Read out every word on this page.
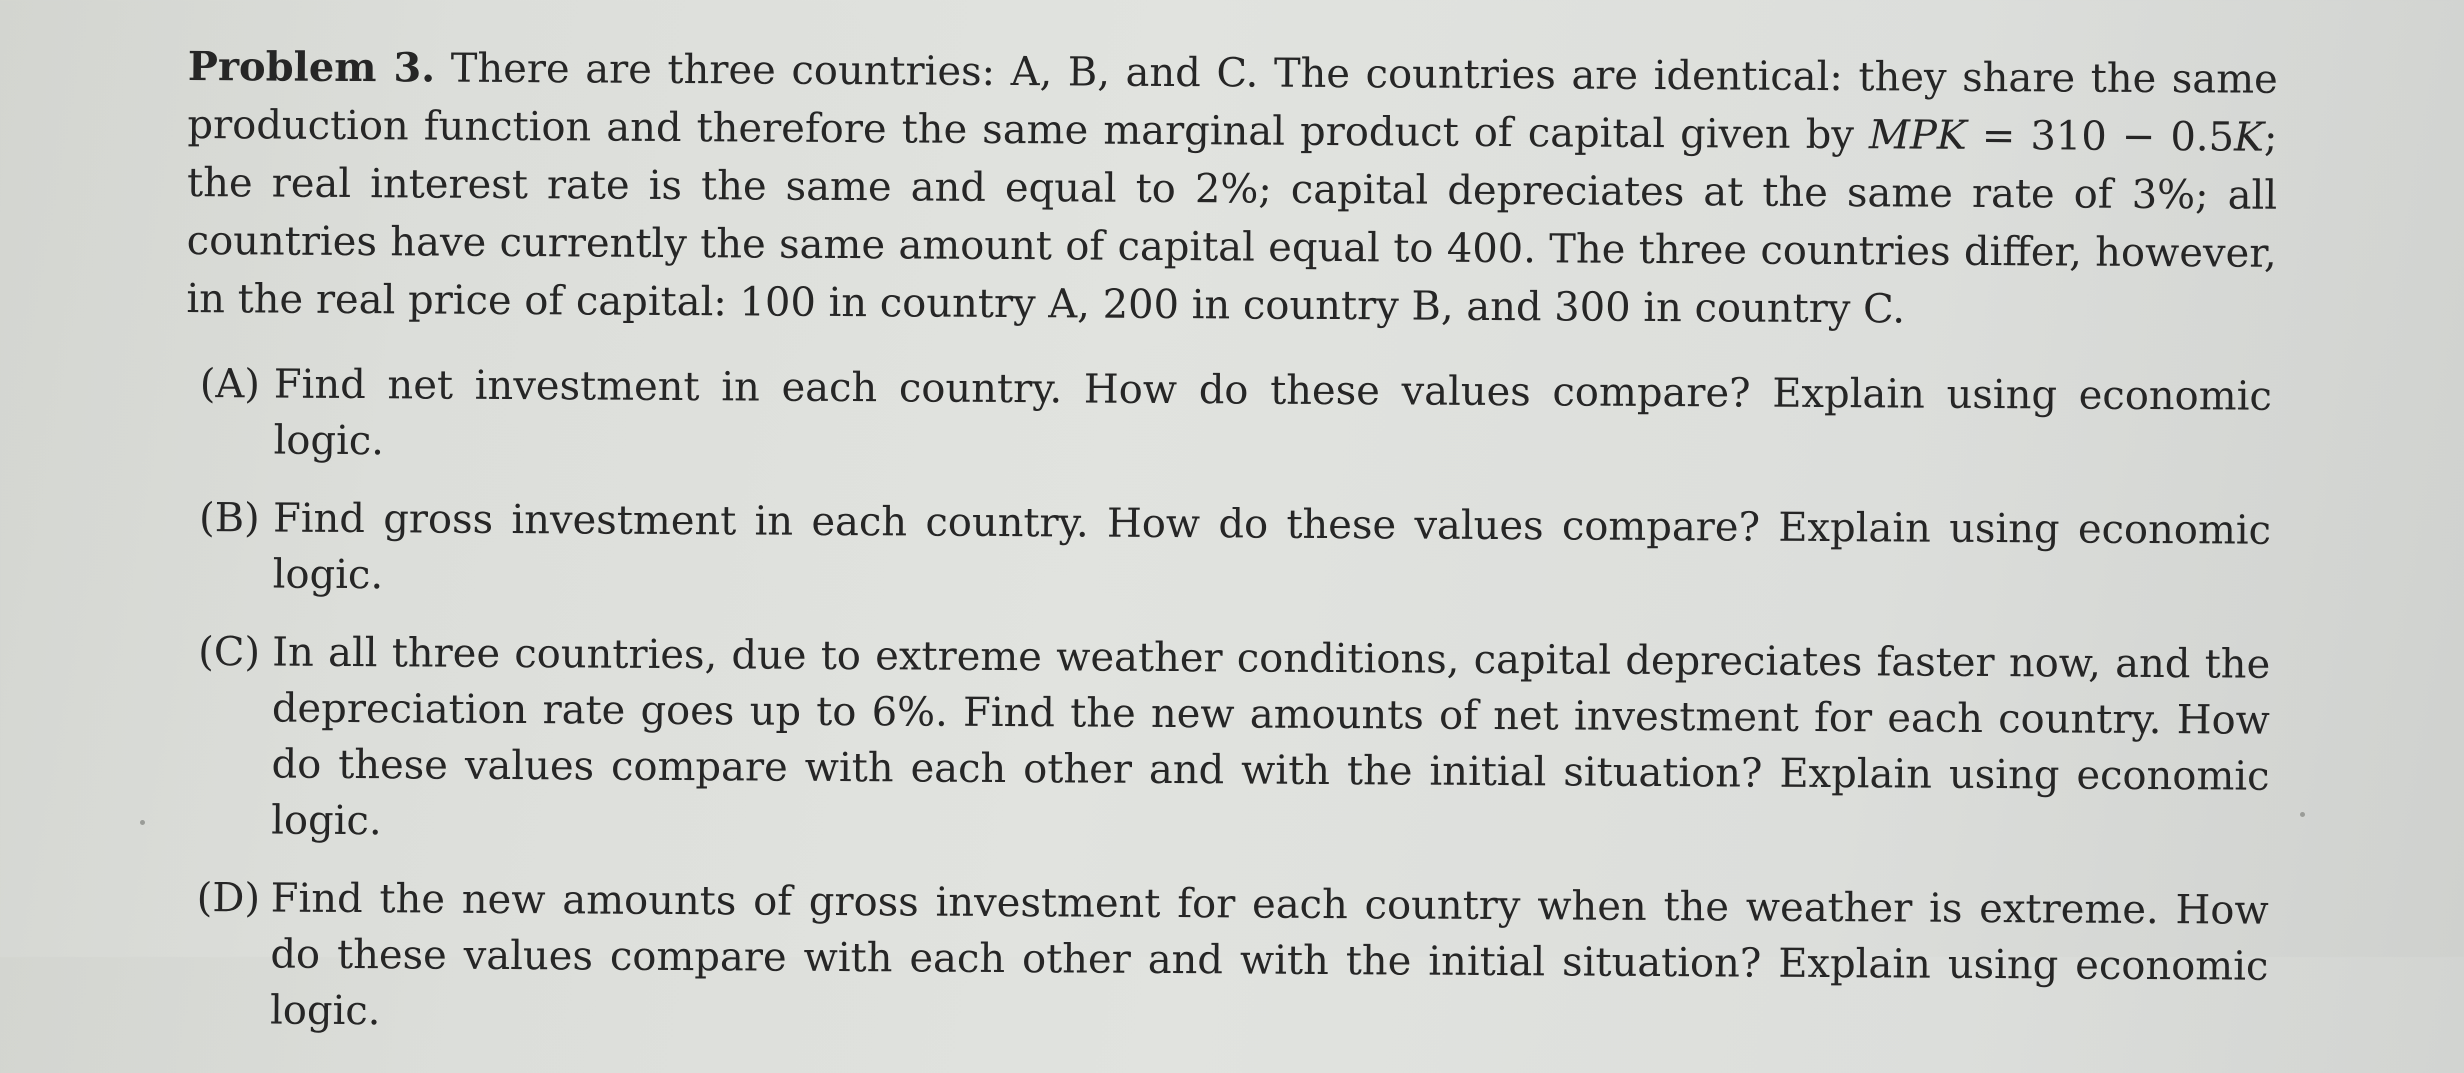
Problem 3. There are three countries: A, B, and C. The countries are identical: they share the same production function and therefore the same marginal product of capital given by MPK = 310 − 0.5K; the real interest rate is the same and equal to 2%; capital depreciates at the same rate of 3%; all countries have currently the same amount of capital equal to 400. The three countries differ, however, in the real price of capital: 100 in country A, 200 in country B, and 300 in country C.

(A) Find net investment in each country. How do these values compare? Explain using economic logic.
(B) Find gross investment in each country. How do these values compare? Explain using economic logic.
(C) In all three countries, due to extreme weather conditions, capital depreciates faster now, and the depreciation rate goes up to 6%. Find the new amounts of net investment for each country. How do these values compare with each other and with the initial situation? Explain using economic logic.
(D) Find the new amounts of gross investment for each country when the weather is extreme. How do these values compare with each other and with the initial situation? Explain using economic logic.
